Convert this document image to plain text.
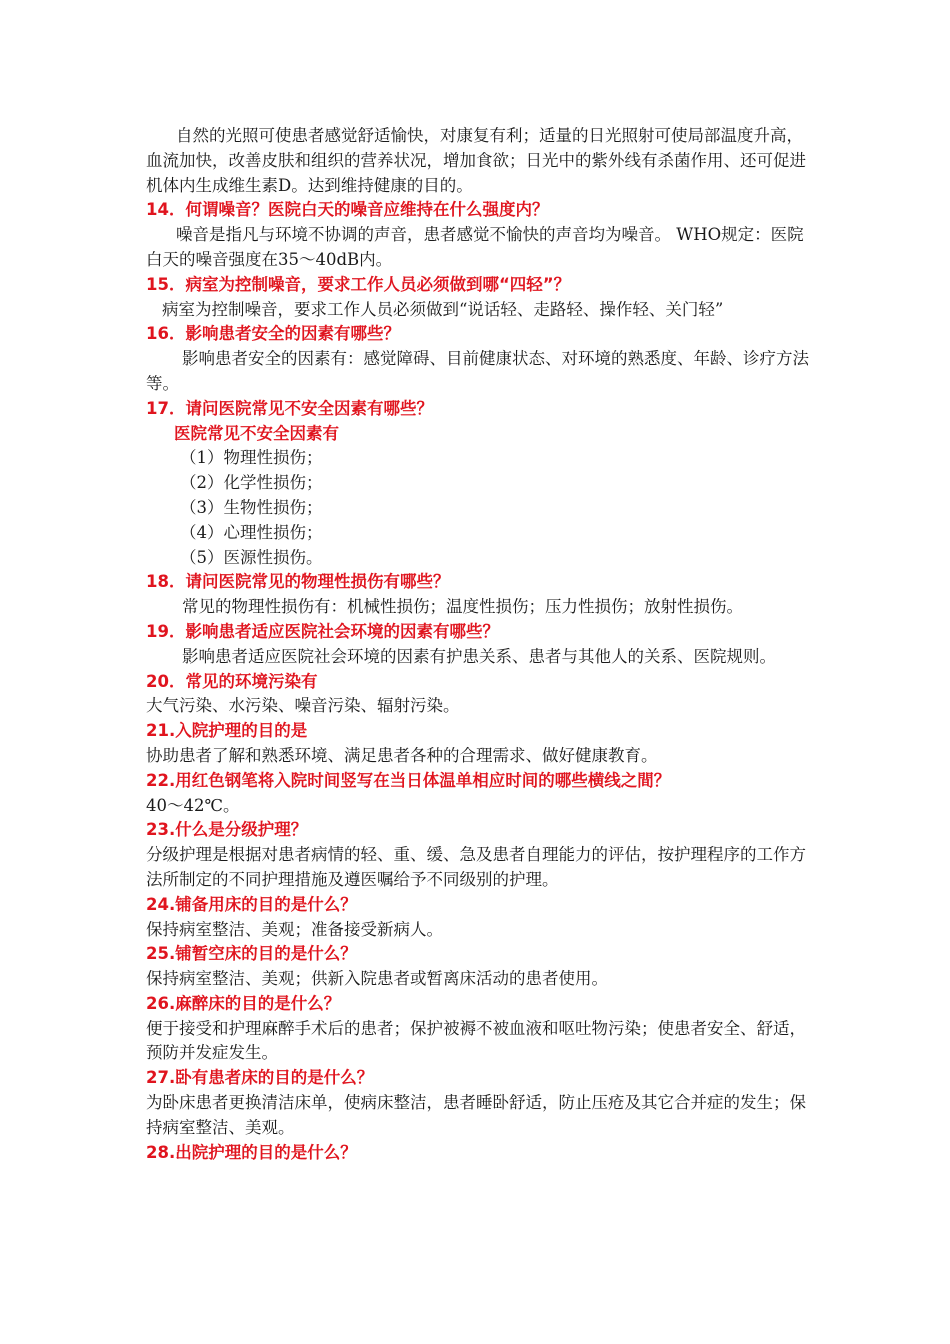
自然的光照可使患者感觉舒适愉快，对康复有利；适量的日光照射可使局部温度升高，血流加快，改善皮肤和组织的营养状况，增加食欲；日光中的紫外线有杀菌作用、还可促进机体内生成维生素D。达到维持健康的目的。

14．何谓噪音？医院白天的噪音应维持在什么强度内？

噪音是指凡与环境不协调的声音，患者感觉不愉快的声音均为噪音。 WHO规定：医院白天的噪音强度在35～40dB内。

15．病室为控制噪音，要求工作人员必须做到哪“四轻”？

病室为控制噪音，要求工作人员必须做到“说话轻、走路轻、操作轻、关门轻”

16．影响患者安全的因素有哪些？

影响患者安全的因素有：感觉障碍、目前健康状态、对环境的熟悉度、年龄、诊疗方法等。

17．请问医院常见不安全因素有哪些？

医院常见不安全因素有

（1）物理性损伤；

（2）化学性损伤；

（3）生物性损伤；

（4）心理性损伤；

（5）医源性损伤。

18．请问医院常见的物理性损伤有哪些？

常见的物理性损伤有：机械性损伤；温度性损伤；压力性损伤；放射性损伤。

19．影响患者适应医院社会环境的因素有哪些？

影响患者适应医院社会环境的因素有护患关系、患者与其他人的关系、医院规则。

20．常见的环境污染有

大气污染、水污染、噪音污染、辐射污染。

21.入院护理的目的是

协助患者了解和熟悉环境、满足患者各种的合理需求、做好健康教育。

22.用红色钢笔将入院时间竖写在当日体温单相应时间的哪些横线之間？

40～42℃。

23.什么是分级护理？

分级护理是根据对患者病情的轻、重、缓、急及患者自理能力的评估，按护理程序的工作方法所制定的不同护理措施及遵医嘱给予不同级别的护理。

24.铺备用床的目的是什么？

保持病室整洁、美观；准备接受新病人。

25.铺暂空床的目的是什么？

保持病室整洁、美观；供新入院患者或暂离床活动的患者使用。

26.麻醉床的目的是什么？

便于接受和护理麻醉手术后的患者；保护被褥不被血液和呕吐物污染；使患者安全、舒适，预防并发症发生。

27.卧有患者床的目的是什么？

为卧床患者更换清洁床单，使病床整洁，患者睡卧舒适，防止压疮及其它合并症的发生；保持病室整洁、美观。

28.出院护理的目的是什么？
